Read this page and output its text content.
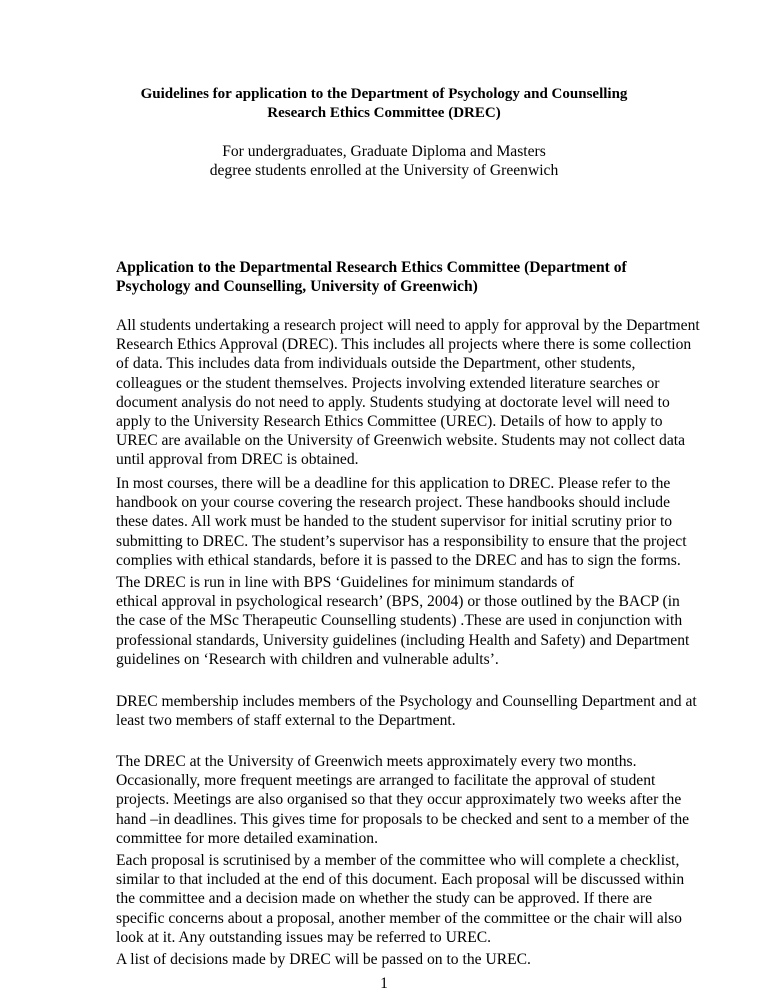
Guidelines for application to the Department of Psychology and Counselling
Research Ethics Committee (DREC)
For undergraduates, Graduate Diploma and Masters
degree students enrolled at the University of Greenwich
Application to the Departmental Research Ethics Committee (Department of
Psychology and Counselling, University of Greenwich)
All students undertaking a research project will need to apply for approval by the Department
Research Ethics Approval (DREC). This includes all projects where there is some collection
of data. This includes data from individuals outside the Department, other students,
colleagues or the student themselves. Projects involving extended literature searches or
document analysis do not need to apply. Students studying at doctorate level will need to
apply to the University Research Ethics Committee (UREC). Details of how to apply to
UREC are available on the University of Greenwich website. Students may not collect data
until approval from DREC is obtained.
In most courses, there will be a deadline for this application to DREC. Please refer to the
handbook on your course covering the research project. These handbooks should include
these dates. All work must be handed to the student supervisor for initial scrutiny prior to
submitting to DREC. The student’s supervisor has a responsibility to ensure that the project
complies with ethical standards, before it is passed to the DREC and has to sign the forms.
The DREC is run in line with BPS ‘Guidelines for minimum standards of
ethical approval in psychological research’ (BPS, 2004) or those outlined by the BACP (in
the case of the MSc Therapeutic Counselling students) .These are used in conjunction with
professional standards, University guidelines (including Health and Safety) and Department
guidelines on ‘Research with children and vulnerable adults’.
DREC membership includes members of the Psychology and Counselling Department and at
least two members of staff external to the Department.
The DREC at the University of Greenwich meets approximately every two months.
Occasionally, more frequent meetings are arranged to facilitate the approval of student
projects. Meetings are also organised so that they occur approximately two weeks after the
hand –in deadlines. This gives time for proposals to be checked and sent to a member of the
committee for more detailed examination.
Each proposal is scrutinised by a member of the committee who will complete a checklist,
similar to that included at the end of this document. Each proposal will be discussed within
the committee and a decision made on whether the study can be approved. If there are
specific concerns about a proposal, another member of the committee or the chair will also
look at it. Any outstanding issues may be referred to UREC.
A list of decisions made by DREC will be passed on to the UREC.
1
